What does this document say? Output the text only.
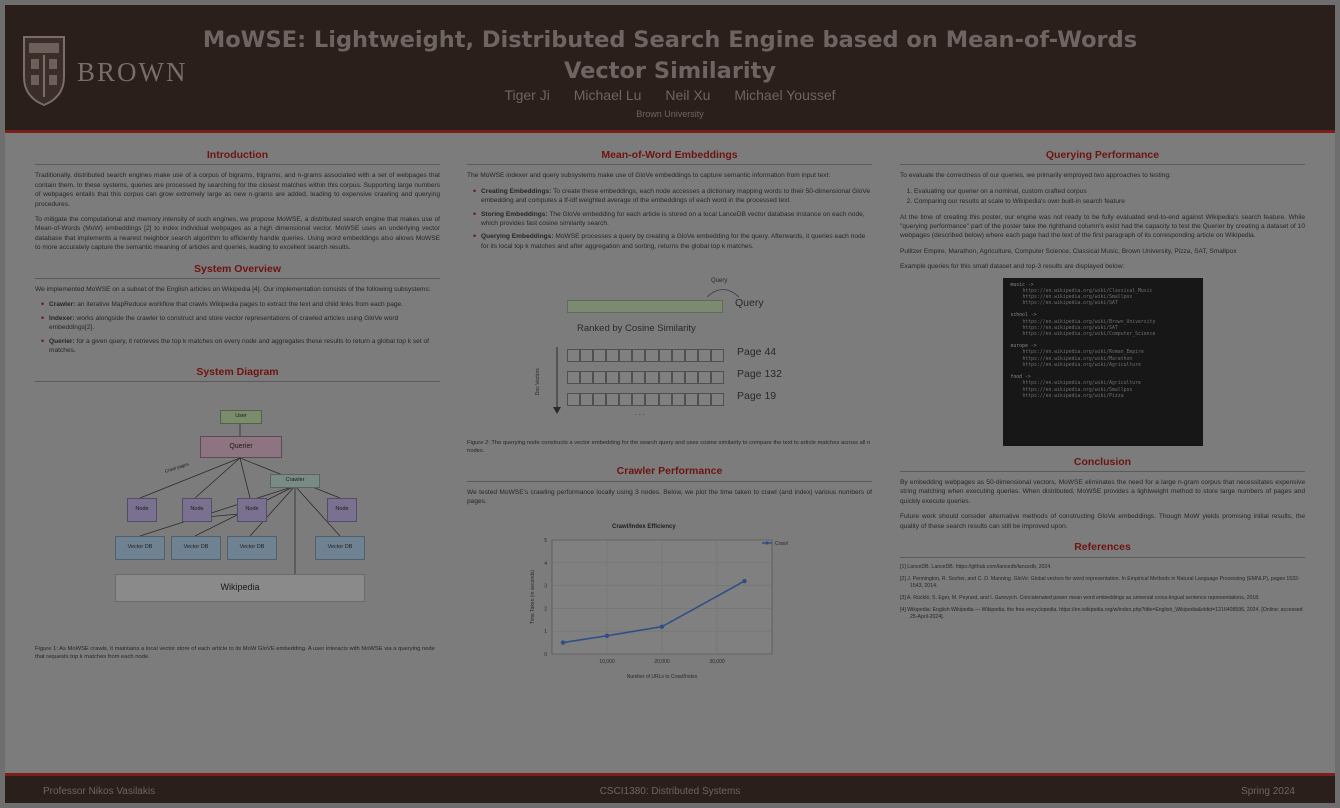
BROWN
MoWSE: Lightweight, Distributed Search Engine based on Mean-of-Words Vector Similarity
Tiger Ji Michael Lu Neil Xu Michael Youssef
Brown University
Introduction

Traditionally, distributed search engines make use of a corpus of bigrams, trigrams, and n-grams associated with a set of webpages that contain them. In these systems, queries are processed by searching for the closest matches within this corpus. Supporting large numbers of webpages entails that this corpus can grow extremely large as new n-grams are added, leading to expensive crawling and querying procedures.

To mitigate the computational and memory intensity of such engines, we propose MoWSE, a distributed search engine that makes use of Mean-of-Words (MoW) embeddings [2] to index individual webpages as a high dimensional vector. MoWSE uses an underlying vector database that implements a nearest neighbor search algorithm to efficiently handle queries. Using word embeddings also allows MoWSE to more accurately capture the semantic meaning of articles and queries, leading to excellent search results.

System Overview

We implemented MoWSE on a subset of the English articles on Wikipedia [4]. Our implementation consists of the following subsystems:

• Crawler: an iterative MapReduce workflow that crawls Wikipedia pages to extract the text and child links from each page.
• Indexer: works alongside the crawler to construct and store vector representations of crawled articles using GloVe word embeddings[2].
• Querier: for a given query, it retrieves the top k matches on every node and aggregates these results to return a global top k set of matches.
System Diagram
User
Querier
Crawler
Node	Node	Node	Node
Vector DB	Vector DB	Vector DB	Vector DB
Wikipedia
Crawl pages
Figure 1: As MoWSE crawls, it maintains a local vector store of each article to its MoW GloVE embedding. A user interacts with MoWSE via a querying node that requests top k matches from each node.
Mean-of-Word Embeddings

The MoWSE indexer and query subsystems make use of GloVe embeddings to capture semantic information from input text:

• Creating Embeddings: To create these embeddings, each node accesses a dictionary mapping words to their 50-dimensional GloVe embedding and computes a tf-idf weighted average of the embeddings of each word in the processed text.
• Storing Embeddings: The GloVe embedding for each article is stored on a local LanceDB vector database instance on each node, which provides fast cosine similarity search.
• Querying Embeddings: MoWSE processes a query by creating a GloVe embedding for the query. Afterwards, it queries each node for its local top k matches and after aggregation and sorting, returns the global top k matches.
Query
Query
Ranked by Cosine Similarity
Doc Vectors
Page 44
Page 132
Page 19
. . .
Figure 2: The querying node constructs a vector embedding for the search query and uses cosine similarity to compare the text to article matches across all n nodes.
Crawler Performance

We tested MoWSE's crawling performance locally using 3 nodes. Below, we plot the time taken to crawl (and index) various numbers of pages.

0
1
2
3
4
5
10,000	20,000	30,000
Crawl/Index Efficiency
Number of URLs to Crawl/Index
Time Taken (in seconds)
Crawl
Querying Performance

To evaluate the correctness of our queries, we primarily employed two approaches to testing:

1. Evaluating our querier on a nominal, custom crafted corpus
2. Comparing our results at scale to Wikipedia's own built-in search feature

At the time of creating this poster, our engine was not ready to be fully evaluated end-to-end against Wikipedia's search feature. While "querying performance" part of the poster take the righthand column's exist had the capacity to test the Querier by creating a dataset of 10 webpages (described below) where each page had the text of the first paragraph of its corresponding article on Wikipedia.

Pulitzer Empire, Marathon, Agriculture, Computer Science, Classical Music, Brown University, Pizza, SAT, Smallpox

Example queries for this small dataset and top-3 results are displayed below:

music ->
https://en.wikipedia.org/wiki/Classical_Music
https://en.wikipedia.org/wiki/Smallpox
https://en.wikipedia.org/wiki/SAT
school ->
https://en.wikipedia.org/wiki/Brown_University
https://en.wikipedia.org/wiki/SAT
https://en.wikipedia.org/wiki/Computer_Science
europe ->
https://en.wikipedia.org/wiki/Roman_Empire
https://en.wikipedia.org/wiki/Marathon
https://en.wikipedia.org/wiki/Agriculture
food ->
https://en.wikipedia.org/wiki/Agriculture
https://en.wikipedia.org/wiki/Smallpox
https://en.wikipedia.org/wiki/Pizza
Conclusion

By embedding webpages as 50-dimensional vectors, MoWSE eliminates the need for a large n-gram corpus that necessitates expensive string matching when executing queries. When distributed, MoWSE provides a lightweight method to store large numbers of pages and quickly execute queries.

Future work should consider alternative methods of constructing GloVe embeddings. Though MoW yields promising initial results, the quality of these search results can still be improved upon.

References
[1] LanceDB. LanceDB. https://github.com/lancedb/lancedb, 2024.
[2] J. Pennington, R. Socher, and C. D. Manning. GloVe: Global vectors for word representation. In Empirical Methods in Natural Language Processing (EMNLP), pages 1532-1543, 2014.
[3] A. Rücklé, S. Eger, M. Peyrard, and I. Gurevych. Concatenated power mean word embeddings as universal cross-lingual sentence representations, 2018.
[4] Wikipedia: English Wikipedia — Wikipedia, the free encyclopedia. https://en.wikipedia.org/w/index.php?title=English_Wikipedia&oldid=1216408596, 2024. [Online; accessed 25-April-2024].
Professor Nikos Vasilakis	CSCI1380: Distributed Systems	Spring 2024
